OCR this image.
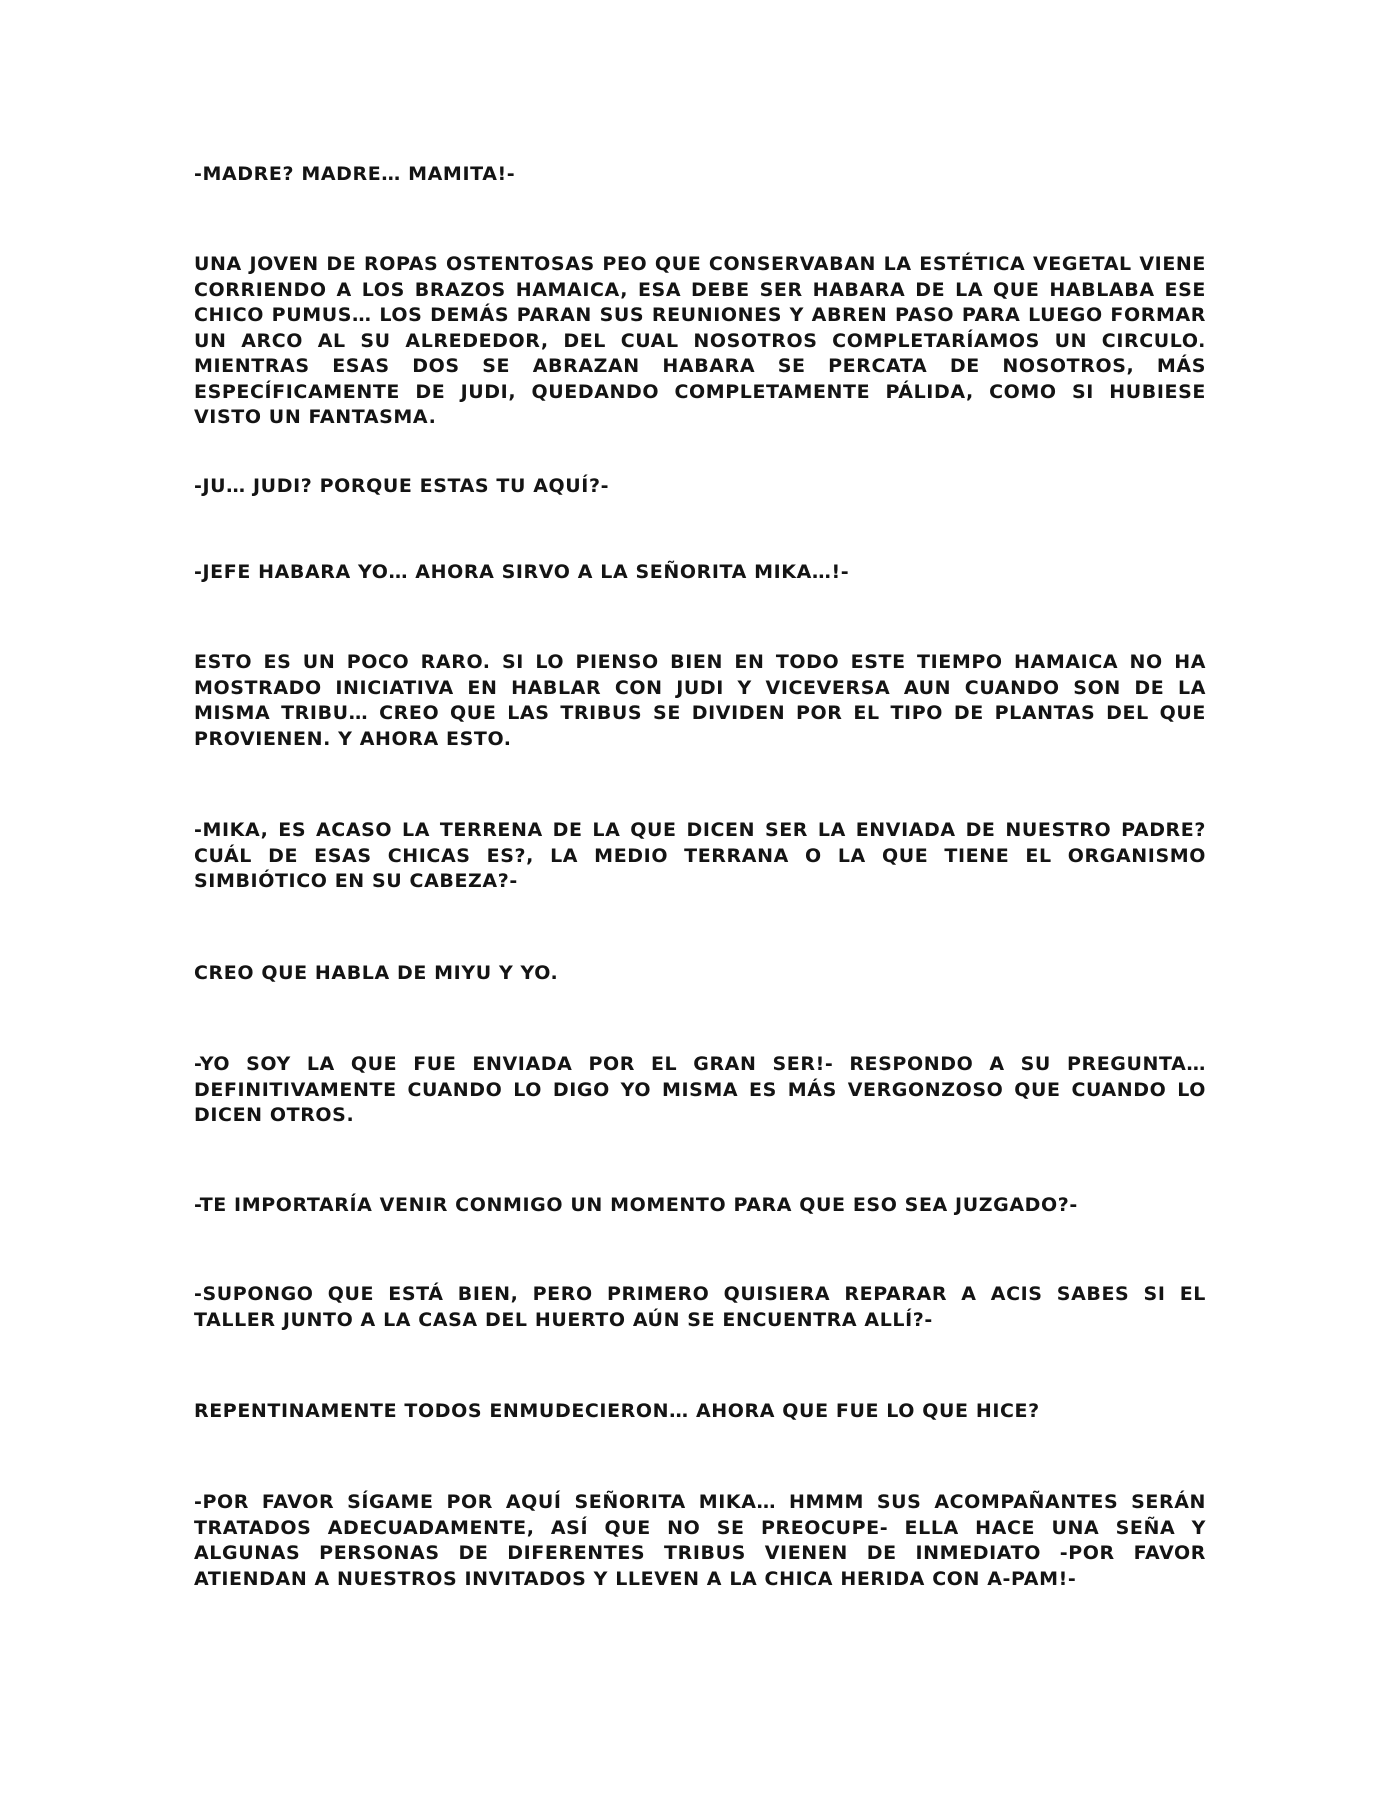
-MADRE? MADRE… MAMITA!-

UNA JOVEN DE ROPAS OSTENTOSAS PEO QUE CONSERVABAN LA ESTÉTICA VEGETAL VIENE CORRIENDO A LOS BRAZOS HAMAICA, ESA DEBE SER HABARA DE LA QUE HABLABA ESE CHICO PUMUS… LOS DEMÁS PARAN SUS REUNIONES Y ABREN PASO PARA LUEGO FORMAR UN ARCO AL SU ALREDEDOR, DEL CUAL NOSOTROS COMPLETARÍAMOS UN CIRCULO. MIENTRAS ESAS DOS SE ABRAZAN HABARA SE PERCATA DE NOSOTROS, MÁS ESPECÍFICAMENTE DE JUDI, QUEDANDO COMPLETAMENTE PÁLIDA, COMO SI HUBIESE VISTO UN FANTASMA.

-JU… JUDI? PORQUE ESTAS TU AQUÍ?-

-JEFE HABARA YO… AHORA SIRVO A LA SEÑORITA MIKA…!-

ESTO ES UN POCO RARO. SI LO PIENSO BIEN EN TODO ESTE TIEMPO HAMAICA NO HA MOSTRADO INICIATIVA EN HABLAR CON JUDI Y VICEVERSA AUN CUANDO SON DE LA MISMA TRIBU… CREO QUE LAS TRIBUS SE DIVIDEN POR EL TIPO DE PLANTAS DEL QUE PROVIENEN. Y AHORA ESTO.

-MIKA, ES ACASO LA TERRENA DE LA QUE DICEN SER LA ENVIADA DE NUESTRO PADRE? CUÁL DE ESAS CHICAS ES?, LA MEDIO TERRANA O LA QUE TIENE EL ORGANISMO SIMBIÓTICO EN SU CABEZA?-

CREO QUE HABLA DE MIYU Y YO.

-YO SOY LA QUE FUE ENVIADA POR EL GRAN SER!- RESPONDO A SU PREGUNTA… DEFINITIVAMENTE CUANDO LO DIGO YO MISMA ES MÁS VERGONZOSO QUE CUANDO LO DICEN OTROS.

-TE IMPORTARÍA VENIR CONMIGO UN MOMENTO PARA QUE ESO SEA JUZGADO?-

-SUPONGO QUE ESTÁ BIEN, PERO PRIMERO QUISIERA REPARAR A ACIS SABES SI EL TALLER JUNTO A LA CASA DEL HUERTO AÚN SE ENCUENTRA ALLÍ?-

REPENTINAMENTE TODOS ENMUDECIERON… AHORA QUE FUE LO QUE HICE?

-POR FAVOR SÍGAME POR AQUÍ SEÑORITA MIKA… HMMM SUS ACOMPAÑANTES SERÁN TRATADOS ADECUADAMENTE, ASÍ QUE NO SE PREOCUPE- ELLA HACE UNA SEÑA Y ALGUNAS PERSONAS DE DIFERENTES TRIBUS VIENEN DE INMEDIATO -POR FAVOR ATIENDAN A NUESTROS INVITADOS Y LLEVEN A LA CHICA HERIDA CON A-PAM!-
